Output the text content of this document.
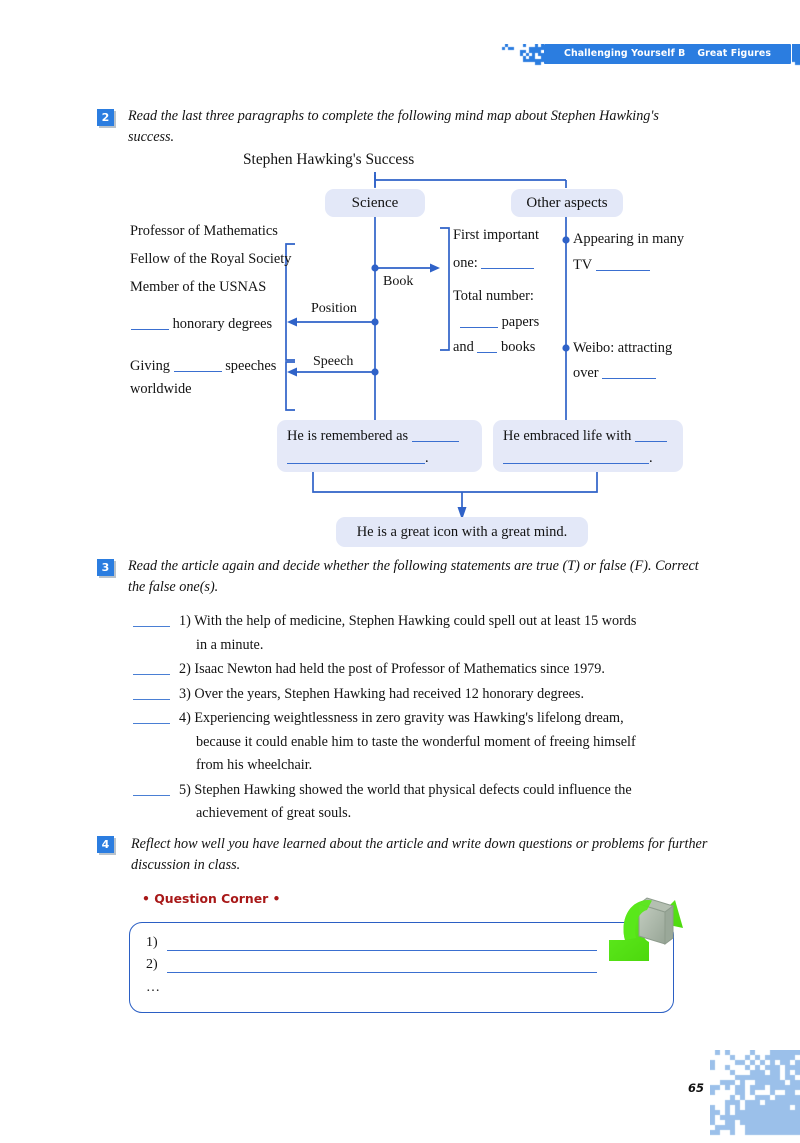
Challenging Yourself B Great Figures
2	Read the last three paragraphs to complete the following mind map about Stephen Hawking's success.
Stephen Hawking's Success
Science	Other aspects
Book
Position
Speech
Professor of Mathematics
Fellow of the Royal Society
Member of the USNAS
honorary degrees
Giving	speeches
worldwide
First important
one:
Total number:
papers
and books
Appearing in many
TV
Weibo: attracting
over
He is remembered as
.
He embraced life with
.
He is a great icon with a great mind.
3	Read the article again and decide whether the following statements are true (T) or false (F). Correct the false one(s).
1) With the help of medicine, Stephen Hawking could spell out at least 15 words
in a minute.
2) Isaac Newton had held the post of Professor of Mathematics since 1979.
3) Over the years, Stephen Hawking had received 12 honorary degrees.
4) Experiencing weightlessness in zero gravity was Hawking's lifelong dream,
because it could enable him to taste the wonderful moment of freeing himself
from his wheelchair.
5) Stephen Hawking showed the world that physical defects could influence the
achievement of great souls.
4	Reflect how well you have learned about the article and write down questions or problems for further discussion in class.
• Question Corner •
1)
2)
…
65
